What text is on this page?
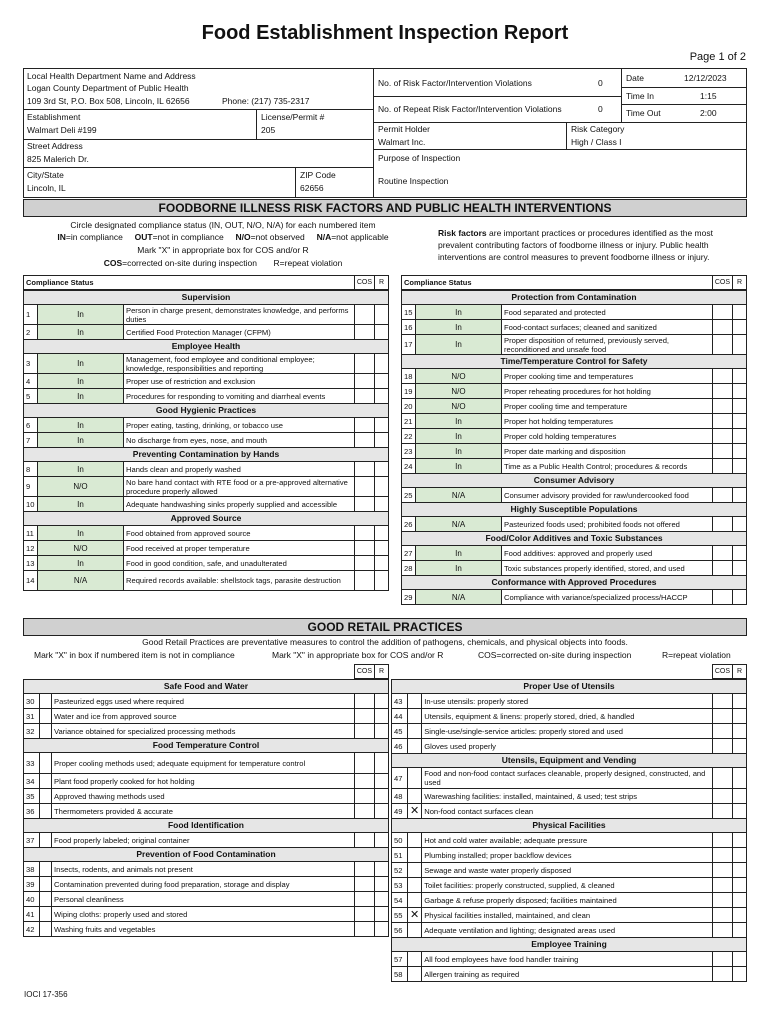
Food Establishment Inspection Report
Page 1 of 2
Local Health Department Name and Address
Logan County Department of Public Health
109 3rd St, P.O. Box 508, Lincoln, IL 62656	Phone: (217) 735-2317
Establishment
Walmart Deli #199
License/Permit #
205
Street Address
825 Malerich Dr.
City/State
Lincoln, IL
ZIP Code
62656
No. of Risk Factor/Intervention Violations	0
No. of Repeat Risk Factor/Intervention Violations	0
Date	12/12/2023
Time In	1:15
Time Out	2:00
Permit Holder
Walmart Inc.
Risk Category
High / Class I
Purpose of Inspection
Routine Inspection
FOODBORNE ILLNESS RISK FACTORS AND PUBLIC HEALTH INTERVENTIONS
Circle designated compliance status (IN, OUT, N/O, N/A) for each numbered item
IN=in compliance OUT=not in compliance N/O=not observed N/A=not applicable
Mark "X" in appropriate box for COS and/or R
COS=corrected on-site during inspection R=repeat violation
Risk factors are important practices or procedures identified as the most prevalent contributing factors of foodborne illness or injury. Public health interventions are control measures to prevent foodborne illness or injury.
Compliance Status	COS	R	Compliance Status	COS	R
Supervision				
1	In	Person in charge present, demonstrates knowledge, and performs duties		
2	In	Certified Food Protection Manager (CFPM)		
Employee Health				
3	In	Management, food employee and conditional employee; knowledge, responsibilities and reporting		
4	In	Proper use of restriction and exclusion		
5	In	Procedures for responding to vomiting and diarrheal events		
Good Hygienic Practices				
6	In	Proper eating, tasting, drinking, or tobacco use		
7	In	No discharge from eyes, nose, and mouth		
Preventing Contamination by Hands				
8	In	Hands clean and properly washed		
9	N/O	No bare hand contact with RTE food or a pre-approved alternative procedure properly allowed		
10	In	Adequate handwashing sinks properly supplied and accessible		
Approved Source				
11	In	Food obtained from approved source		
12	N/O	Food received at proper temperature		
13	In	Food in good condition, safe, and unadulterated		
14	N/A	Required records available: shellstock tags, parasite destruction		
Protection from Contamination				
15	In	Food separated and protected		
16	In	Food-contact surfaces; cleaned and sanitized		
17	In	Proper disposition of returned, previously served, reconditioned and unsafe food		
Time/Temperature Control for Safety				
18	N/O	Proper cooking time and temperatures		
19	N/O	Proper reheating procedures for hot holding		
20	N/O	Proper cooling time and temperature		
21	In	Proper hot holding temperatures		
22	In	Proper cold holding temperatures		
23	In	Proper date marking and disposition		
24	In	Time as a Public Health Control; procedures & records		
Consumer Advisory				
25	N/A	Consumer advisory provided for raw/undercooked food		
Highly Susceptible Populations				
26	N/A	Pasteurized foods used; prohibited foods not offered		
Food/Color Additives and Toxic Substances				
27	In	Food additives: approved and properly used		
28	In	Toxic substances properly identified, stored, and used		
Conformance with Approved Procedures				
29	N/A	Compliance with variance/specialized process/HACCP		
GOOD RETAIL PRACTICES
Good Retail Practices are preventative measures to control the addition of pathogens, chemicals, and physical objects into foods.
Mark "X" in box if numbered item is not in compliance	Mark "X" in appropriate box for COS and/or R	COS=corrected on-site during inspection	R=repeat violation
	COS	R
		COS	R
Safe Food and Water				
30		Pasteurized eggs used where required		
31		Water and ice from approved source		
32		Variance obtained for specialized processing methods		
Food Temperature Control				
33		Proper cooling methods used; adequate equipment for temperature control		
34		Plant food properly cooked for hot holding		
35		Approved thawing methods used		
36		Thermometers provided & accurate		
Food Identification				
37		Food properly labeled; original container		
Prevention of Food Contamination				
38		Insects, rodents, and animals not present		
39		Contamination prevented during food preparation, storage and display		
40		Personal cleanliness		
41		Wiping cloths: properly used and stored		
42		Washing fruits and vegetables		
Proper Use of Utensils				
43		In-use utensils: properly stored		
44		Utensils, equipment & linens: properly stored, dried, & handled		
45		Single-use/single-service articles: properly stored and used		
46		Gloves used properly		
Utensils, Equipment and Vending				
47		Food and non-food contact surfaces cleanable, properly designed, constructed, and used		
48		Warewashing facilities: installed, maintained, & used; test strips		
49	✕	Non-food contact surfaces clean		
Physical Facilities				
50		Hot and cold water available; adequate pressure		
51		Plumbing installed; proper backflow devices		
52		Sewage and waste water properly disposed		
53		Toilet facilities: properly constructed, supplied, & cleaned		
54		Garbage & refuse properly disposed; facilities maintained		
55	✕	Physical facilities installed, maintained, and clean		
56		Adequate ventilation and lighting; designated areas used		
Employee Training				
57		All food employees have food handler training		
58		Allergen training as required		
IOCI 17-356
